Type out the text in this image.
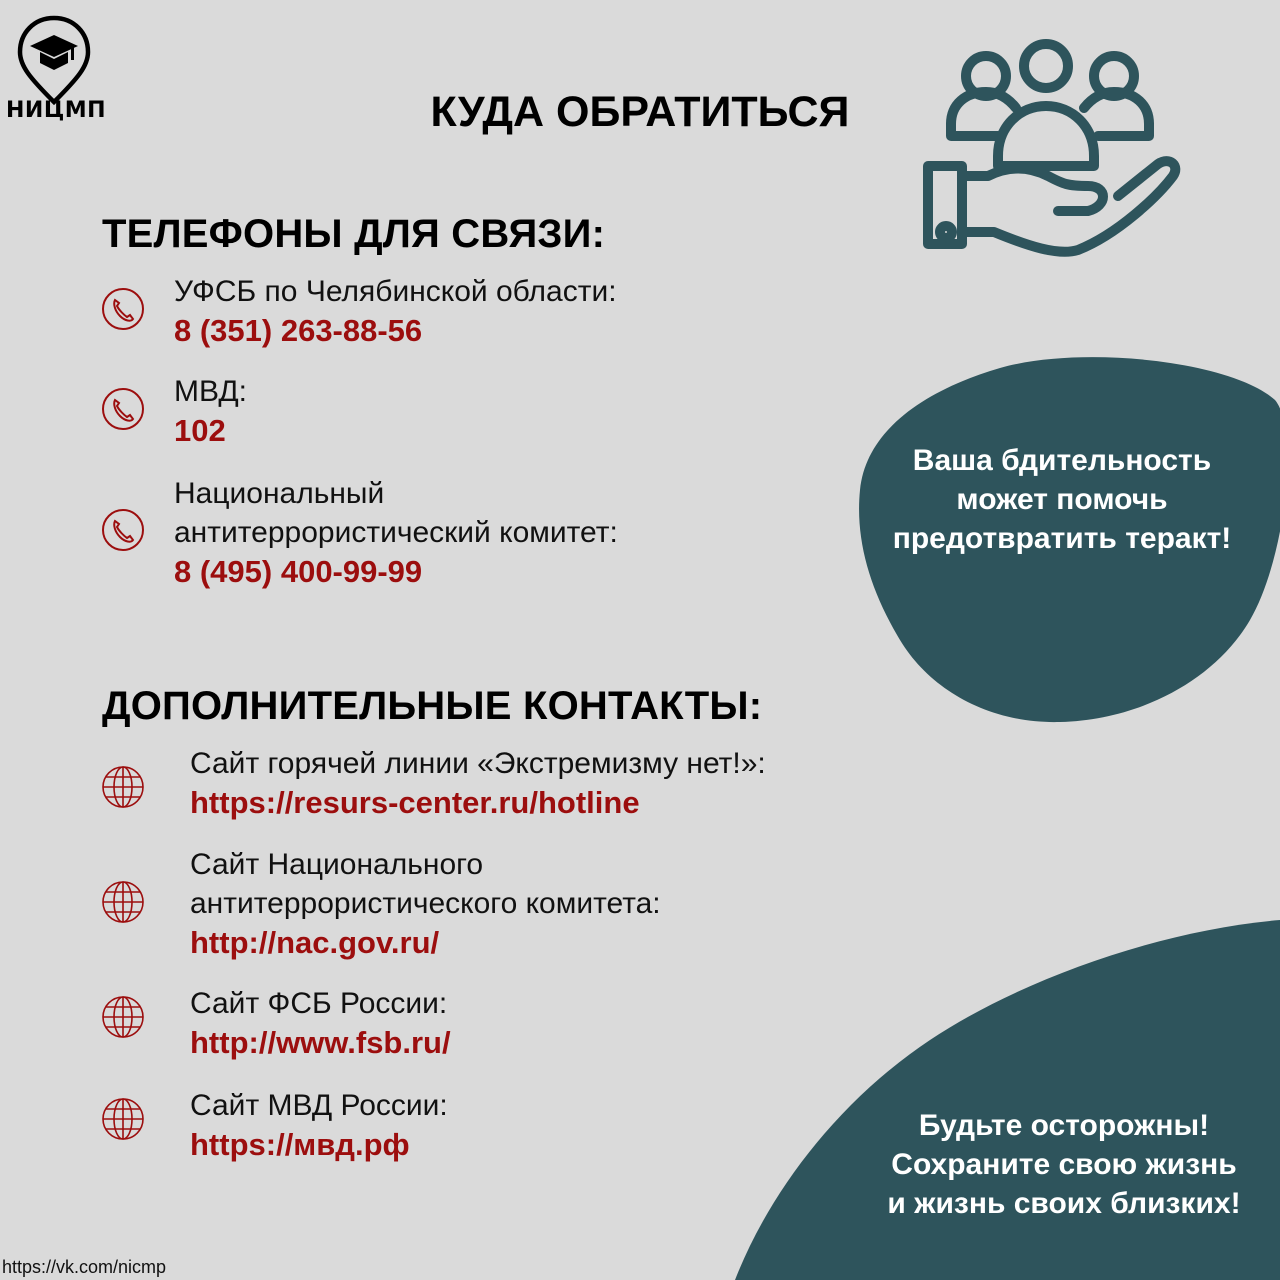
НИЦМП	КУДА ОБРАТИТЬСЯ
ТЕЛЕФОНЫ ДЛЯ СВЯЗИ:
УФСБ по Челябинской области:
8 (351) 263-88-56
МВД:
102
Национальный
антитеррористический комитет:
8 (495) 400-99-99
ДОПОЛНИТЕЛЬНЫЕ КОНТАКТЫ:
Сайт горячей линии «Экстремизму нет!»:
https://resurs-center.ru/hotline
Сайт Национального
антитеррористического комитета:
http://nac.gov.ru/
Сайт ФСБ России:
http://www.fsb.ru/
Сайт МВД России:
https://мвд.рф
Ваша бдительность
может помочь
предотвратить теракт!
Будьте осторожны!
Сохраните свою жизнь
и жизнь своих близких!
https://vk.com/nicmp
